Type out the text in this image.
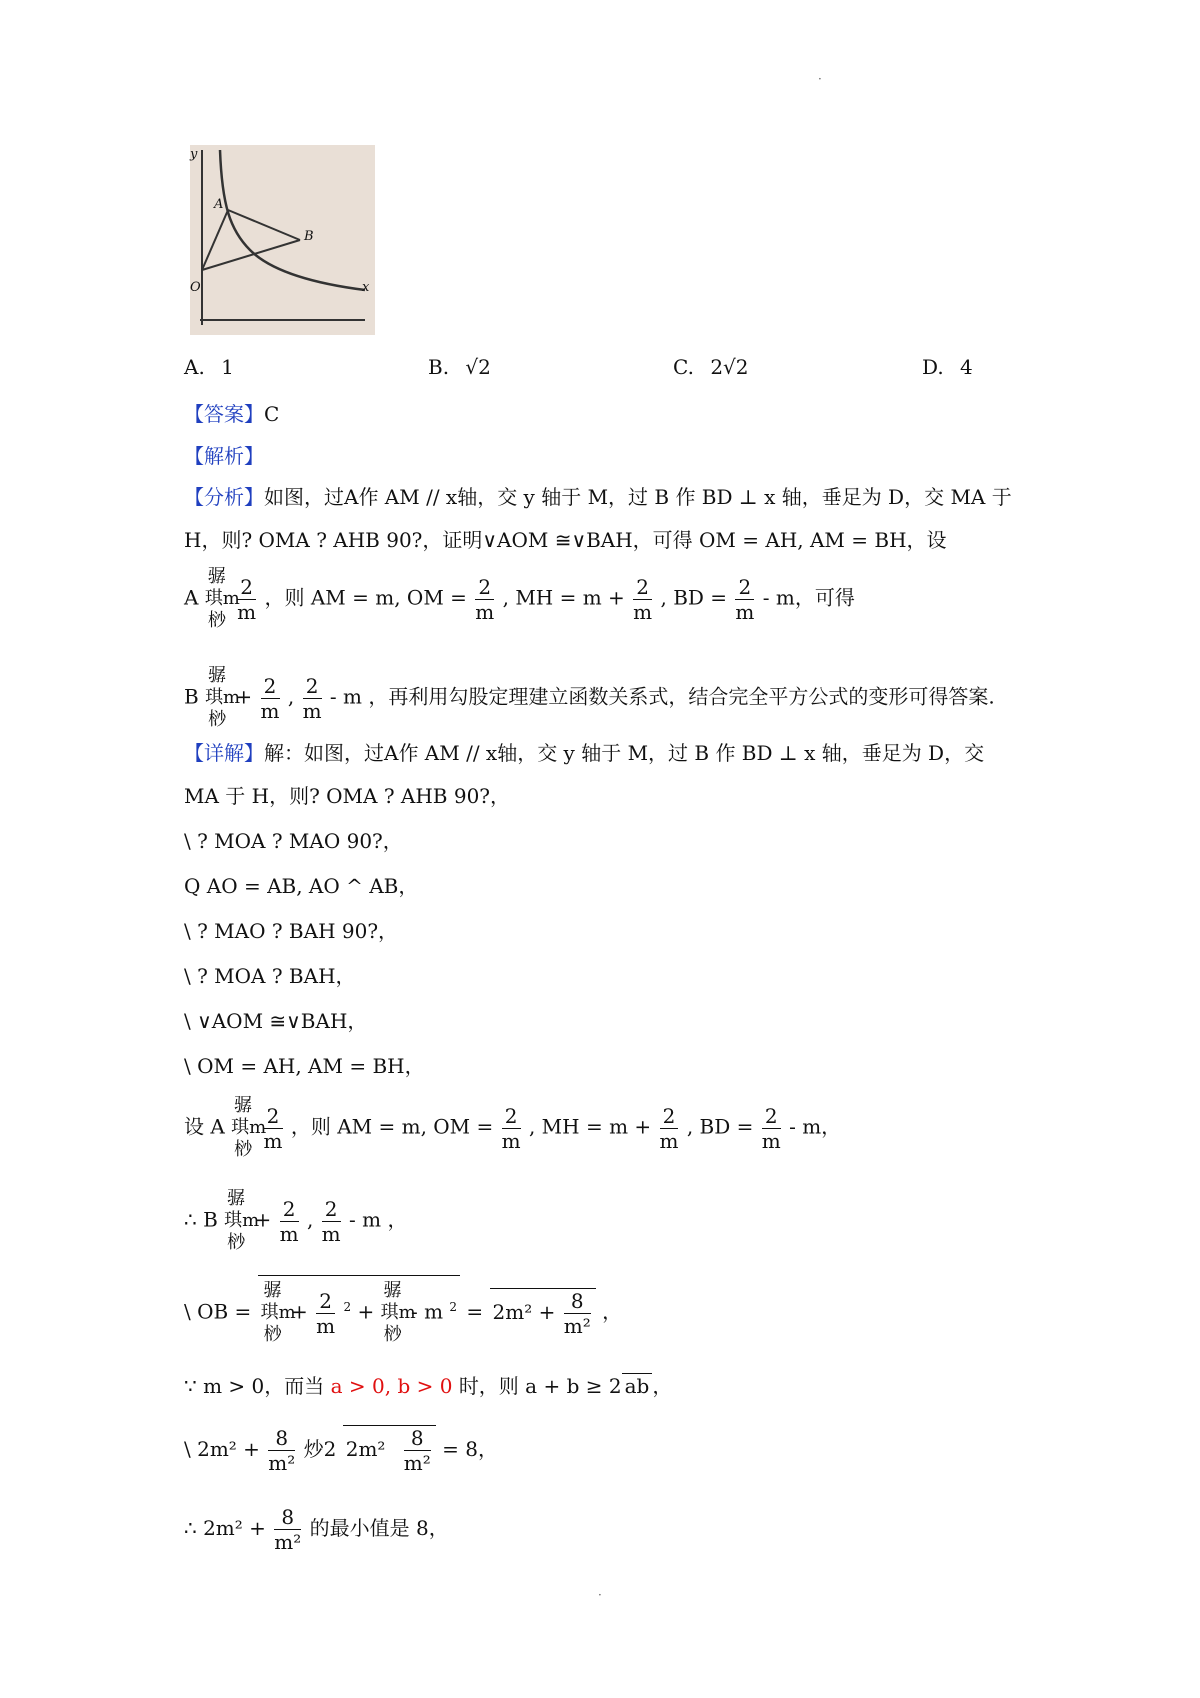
·
y
A
B
O	x
A. 1	B. √2	C. 2√2	D. 4
【答案】C
【解析】
【分析】如图，过A作 AM // x轴，交 y 轴于 M，过 B 作 BD ⊥ x 轴，垂足为 D，交 MA 于
H，则? OMA ? AHB 90?，证明∨AOM ≅∨BAH，可得 OM = AH, AM = BH，设
A 骣
琪m
桫 $\frac{2}{m}$ ，则 AM = m, OM = $\frac{2}{m}$ , MH = $m + \frac{2}{m}$ , BD = $\frac{2}{m}$ - m，可得
B 骣
琪m
桫 + $\frac{2}{m}$ , $\frac{2}{m}$ - m ，再利用勾股定理建立函数关系式，结合完全平方公式的变形可得答案.
【详解】解：如图，过A作 AM // x轴，交 y 轴于 M，过 B 作 BD ⊥ x 轴，垂足为 D，交
MA 于 H，则? OMA ? AHB 90?，
\ ? MOA ? MAO 90?，
Q AO = AB, AO ^ AB，
\ ? MAO ? BAH 90?，
\ ? MOA ? BAH，
\ ∨AOM ≅∨BAH，
\ OM = AH, AM = BH，
设 A 骣
琪m
桫 $\frac{2}{m}$ ，则 AM = m, OM = $\frac{2}{m}$ , MH = $m + \frac{2}{m}$ , BD = $\frac{2}{m}$ - m，
∴ B 骣
琪m
桫 + $\frac{2}{m}$ , $\frac{2}{m}$ - m ，
\ OB = 骣
琪m
桫 + $\frac{2}{m} ^2$ + 骣
琪m
桫 - m $^2 = 2m^2 + \frac{8}{\text{m²}}$ ，
∵ m > 0，而当 a > 0, b > 0 时，则 a + b ≥ 2 ab ，
\ $2m^2 + \frac{8}{\text{m²}}$ 炒2 $2m^2 \frac{8}{\text{m²}} = 8$，
∴ $2m^2 + \frac{8}{\text{m²}}$ 的最小值是 8，
·
